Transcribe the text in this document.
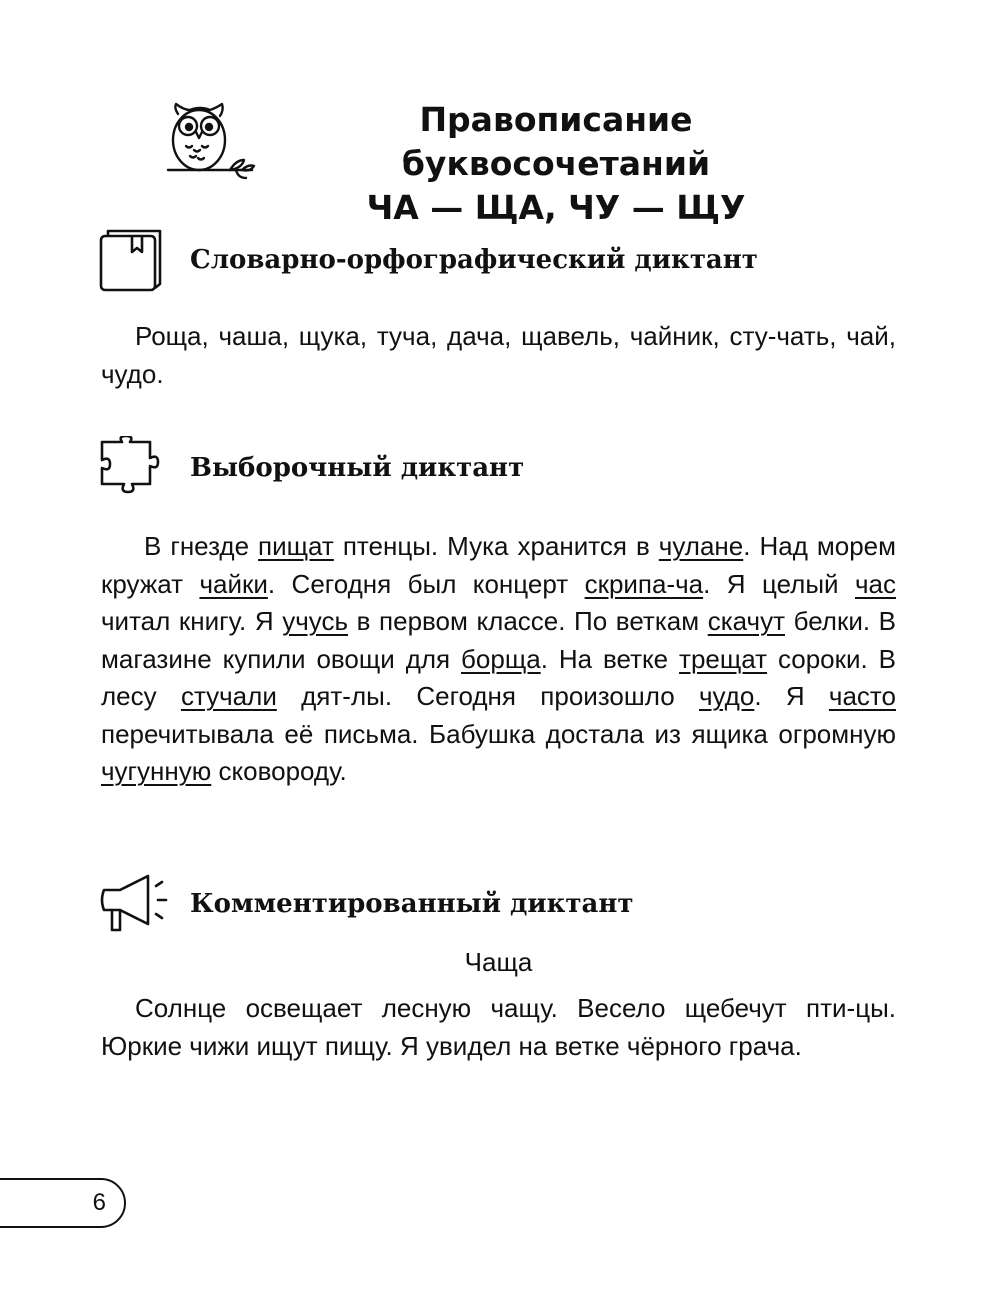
Правописание буквосочетаний
ЧА — ЩА, ЧУ — ЩУ
Словарно-орфографический диктант
Роща, чаша, щука, туча, дача, щавель, чайник, сту-чать, чай, чудо.
Выборочный диктант
В гнезде пищат птенцы. Мука хранится в чулане. Над морем кружат чайки. Сегодня был концерт скрипа-ча. Я целый час читал книгу. Я учусь в первом классе. По веткам скачут белки. В магазине купили овощи для борща. На ветке трещат сороки. В лесу стучали дят-лы. Сегодня произошло чудо. Я часто перечитывала её письма. Бабушка достала из ящика огромную чугунную сковороду.
Комментированный диктант
Чаща
Солнце освещает лесную чащу. Весело щебечут пти-цы. Юркие чижи ищут пищу. Я увидел на ветке чёрного грача.
6
